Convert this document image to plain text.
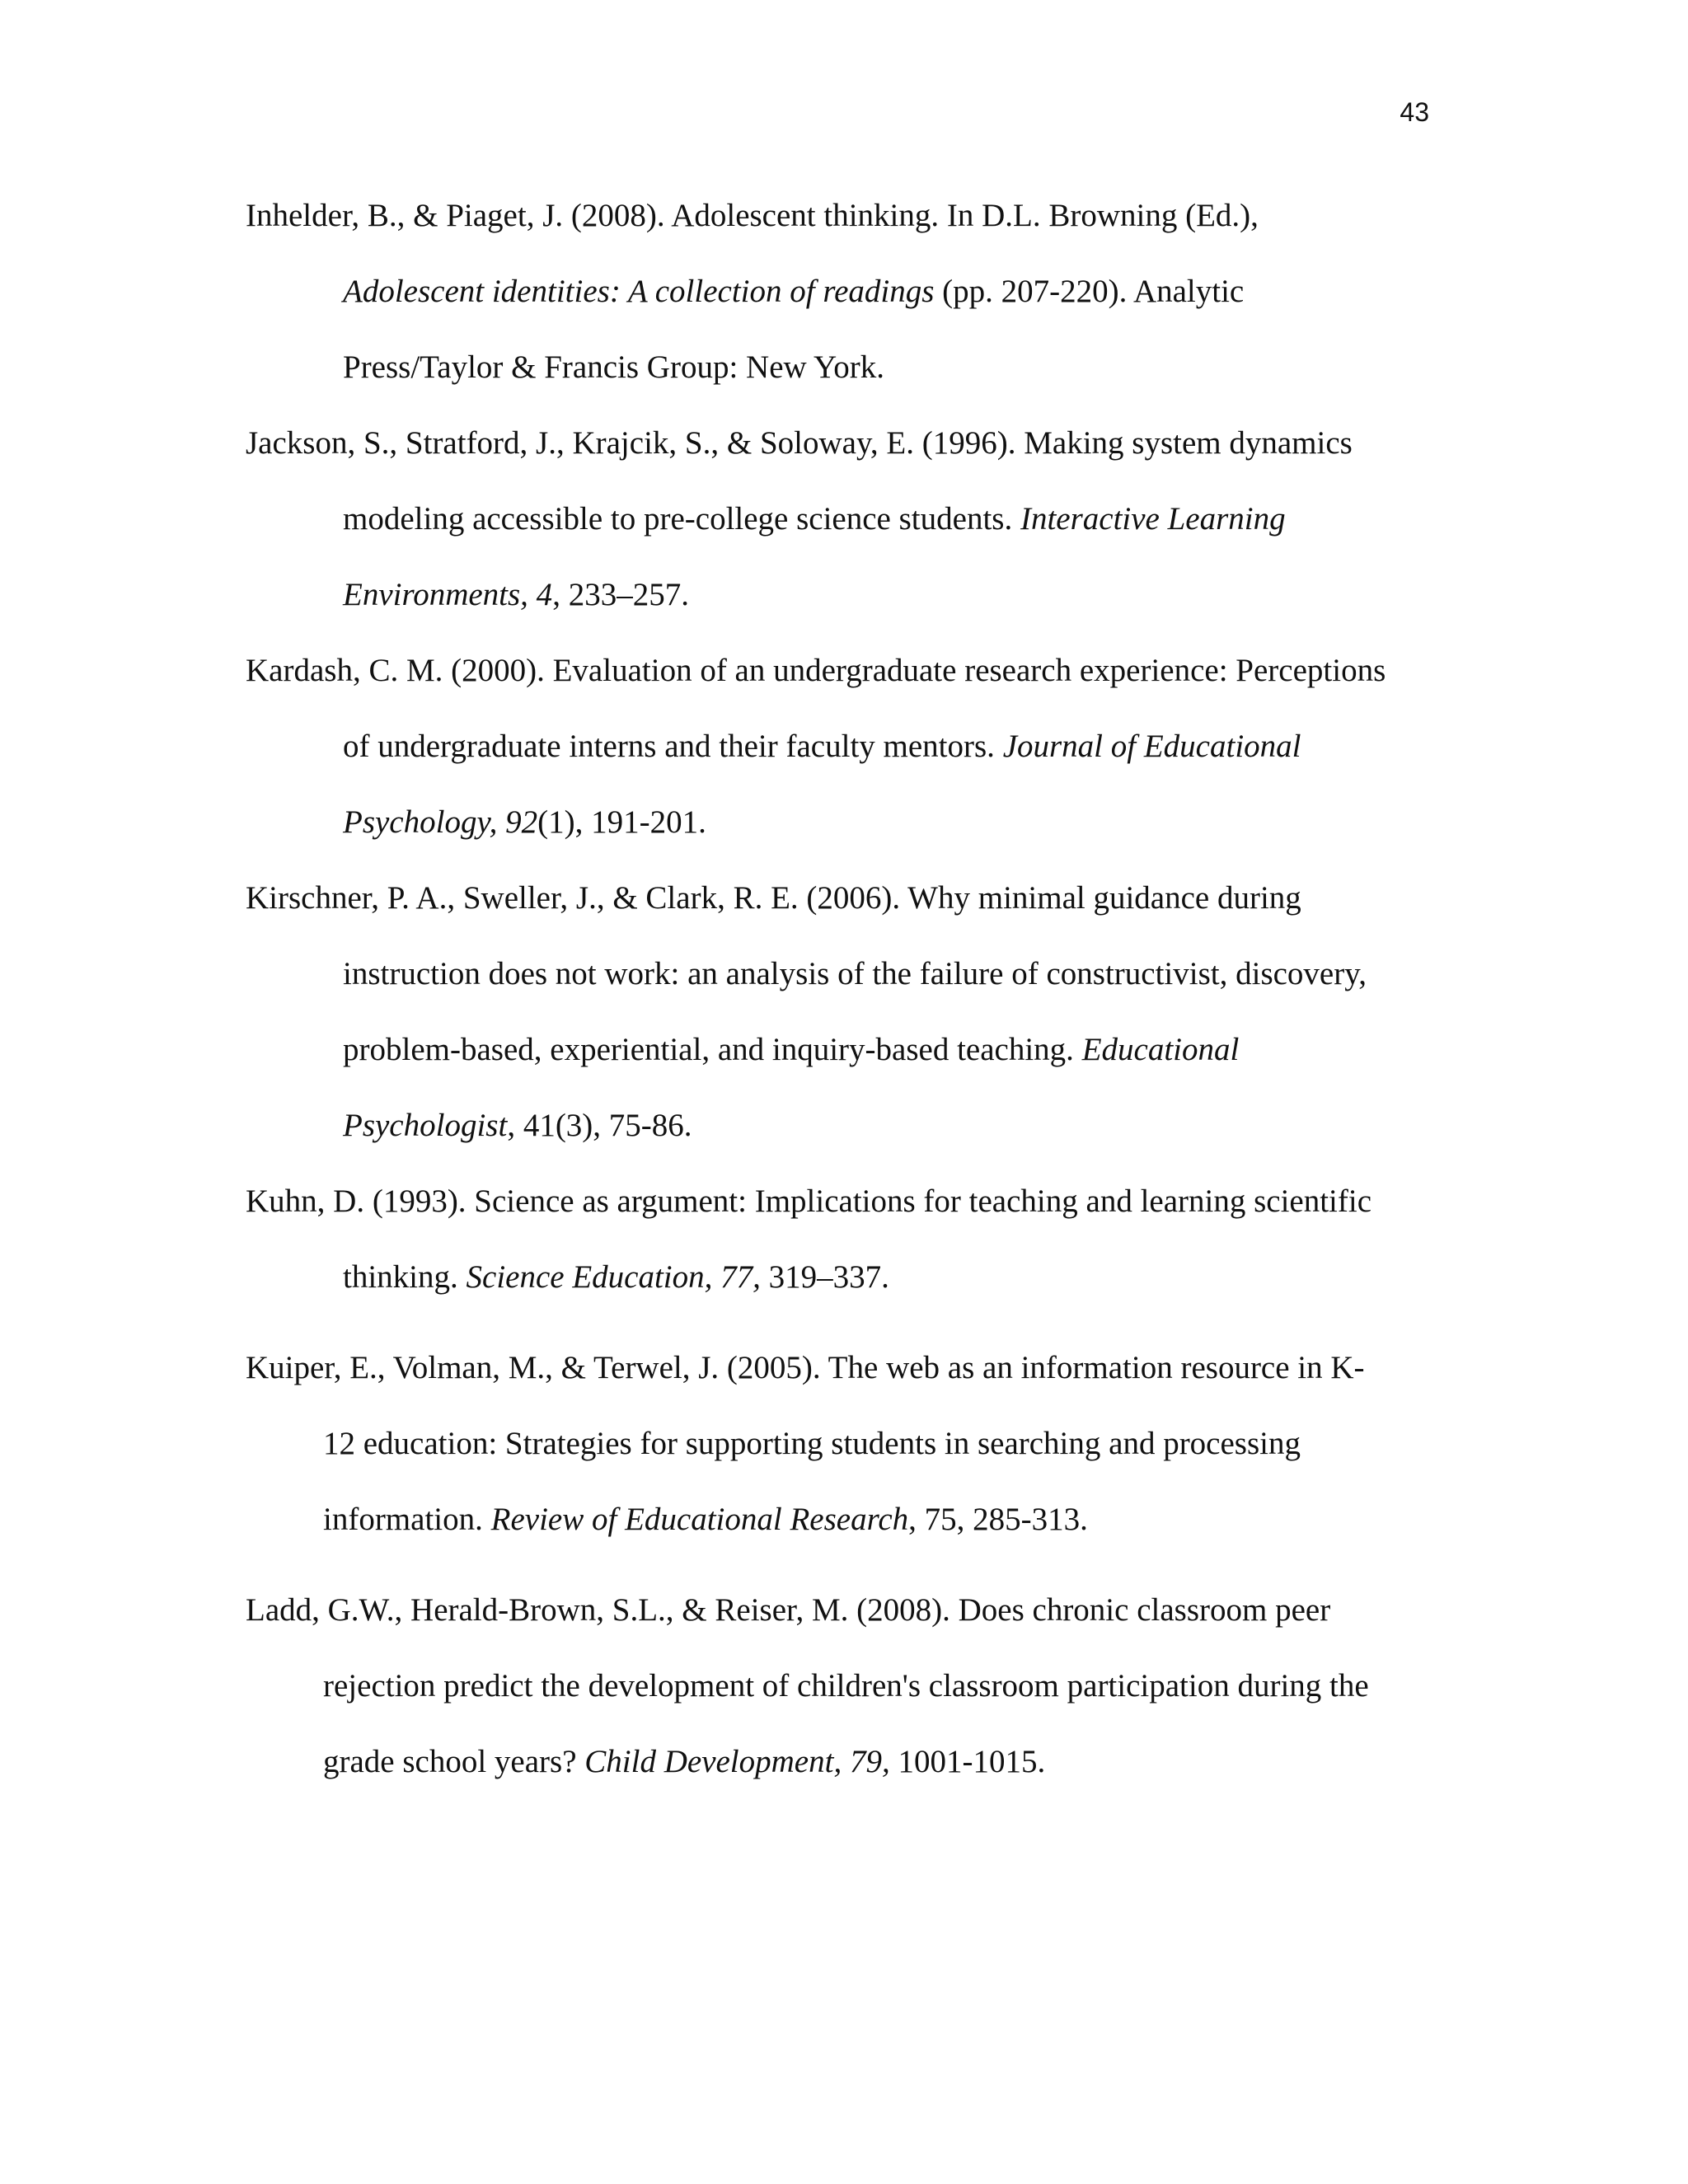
43
Inhelder, B., & Piaget, J. (2008). Adolescent thinking. In D.L. Browning (Ed.),
Adolescent identities: A collection of readings (pp. 207-220). Analytic
Press/Taylor & Francis Group: New York.
Jackson, S., Stratford, J., Krajcik, S., & Soloway, E. (1996). Making system dynamics
modeling accessible to pre-college science students. Interactive Learning
Environments, 4, 233–257.
Kardash, C. M. (2000). Evaluation of an undergraduate research experience: Perceptions
of undergraduate interns and their faculty mentors. Journal of Educational
Psychology, 92(1), 191-201.
Kirschner, P. A., Sweller, J., & Clark, R. E. (2006). Why minimal guidance during
instruction does not work: an analysis of the failure of constructivist, discovery,
problem-based, experiential, and inquiry-based teaching. Educational
Psychologist, 41(3), 75-86.
Kuhn, D. (1993). Science as argument: Implications for teaching and learning scientific
thinking. Science Education, 77, 319–337.
Kuiper, E., Volman, M., & Terwel, J. (2005). The web as an information resource in K-
12 education: Strategies for supporting students in searching and processing
information. Review of Educational Research, 75, 285-313.
Ladd, G.W., Herald-Brown, S.L., & Reiser, M. (2008). Does chronic classroom peer
rejection predict the development of children's classroom participation during the
grade school years? Child Development, 79, 1001-1015.
